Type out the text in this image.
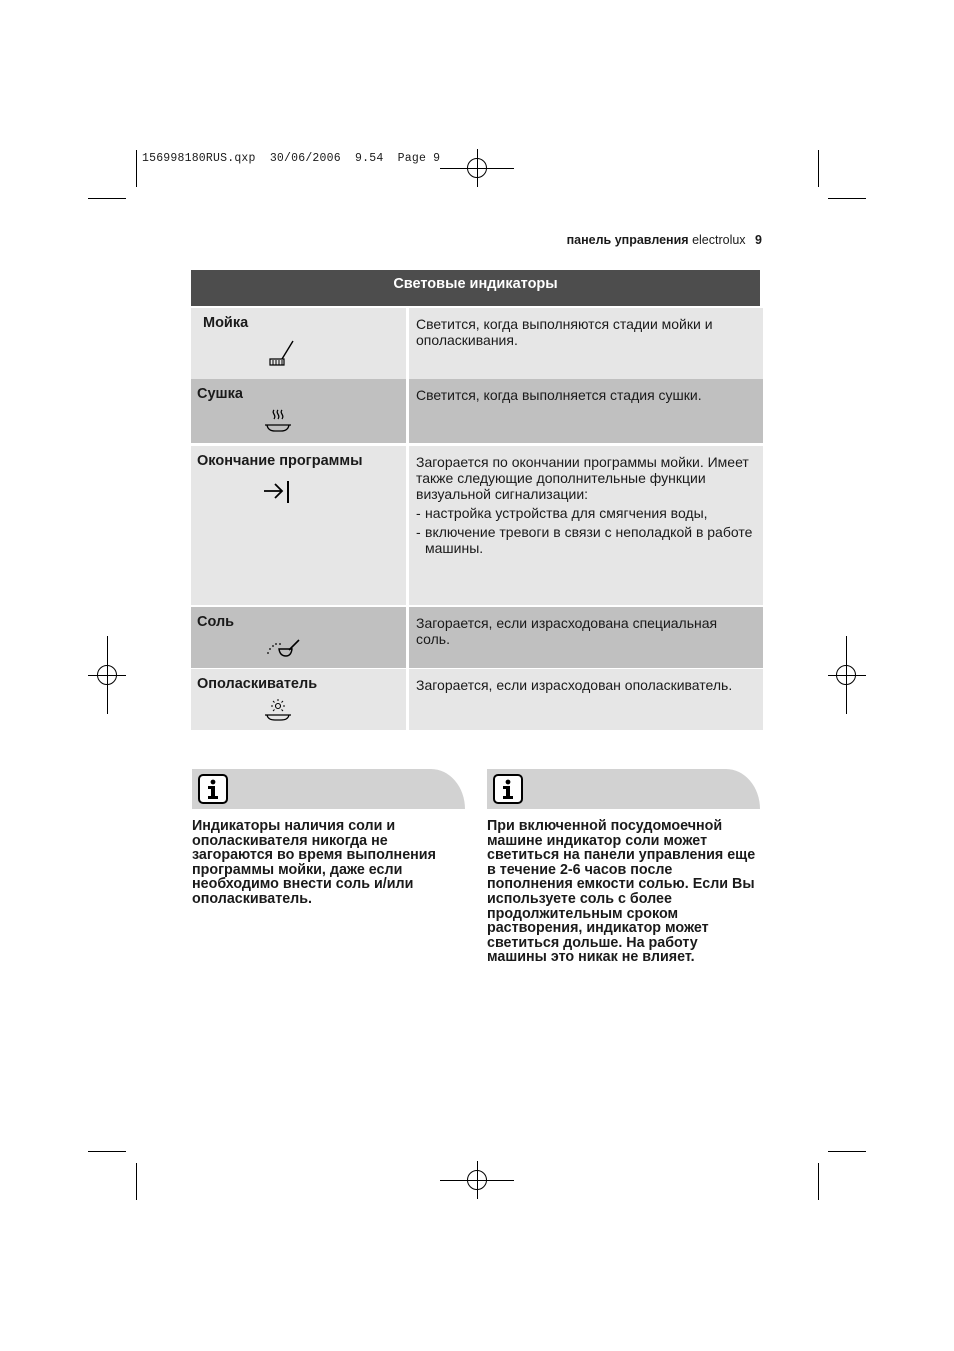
156998180RUS.qxp  30/06/2006  9.54  Page 9
панель управления electrolux 9
Световые индикаторы
Мойка	Светится, когда выполняются стадии мойки и ополаскивания.
Сушка	Светится, когда выполняется стадия сушки.
Окончание программы	Загорается по окончании программы мойки. Имеет также следующие дополнительные функции визуальной сигнализации:
- настройка устройства для смягчения воды,
- включение тревоги в связи с неполадкой в работе машины.
Соль	Загорается, если израсходована специальная соль.
Ополаскиватель	Загорается, если израсходован ополаскиватель.
Индикаторы наличия соли и ополаскивателя никогда не загораются во время выполнения программы мойки, даже если необходимо внести соль и/или ополаскиватель.
При включенной посудомоечной машине индикатор соли может светиться на панели управления еще в течение 2-6 часов после пополнения емкости солью. Если Вы используете соль с более продолжительным сроком растворения, индикатор может светиться дольше. На работу машины это никак не влияет.
